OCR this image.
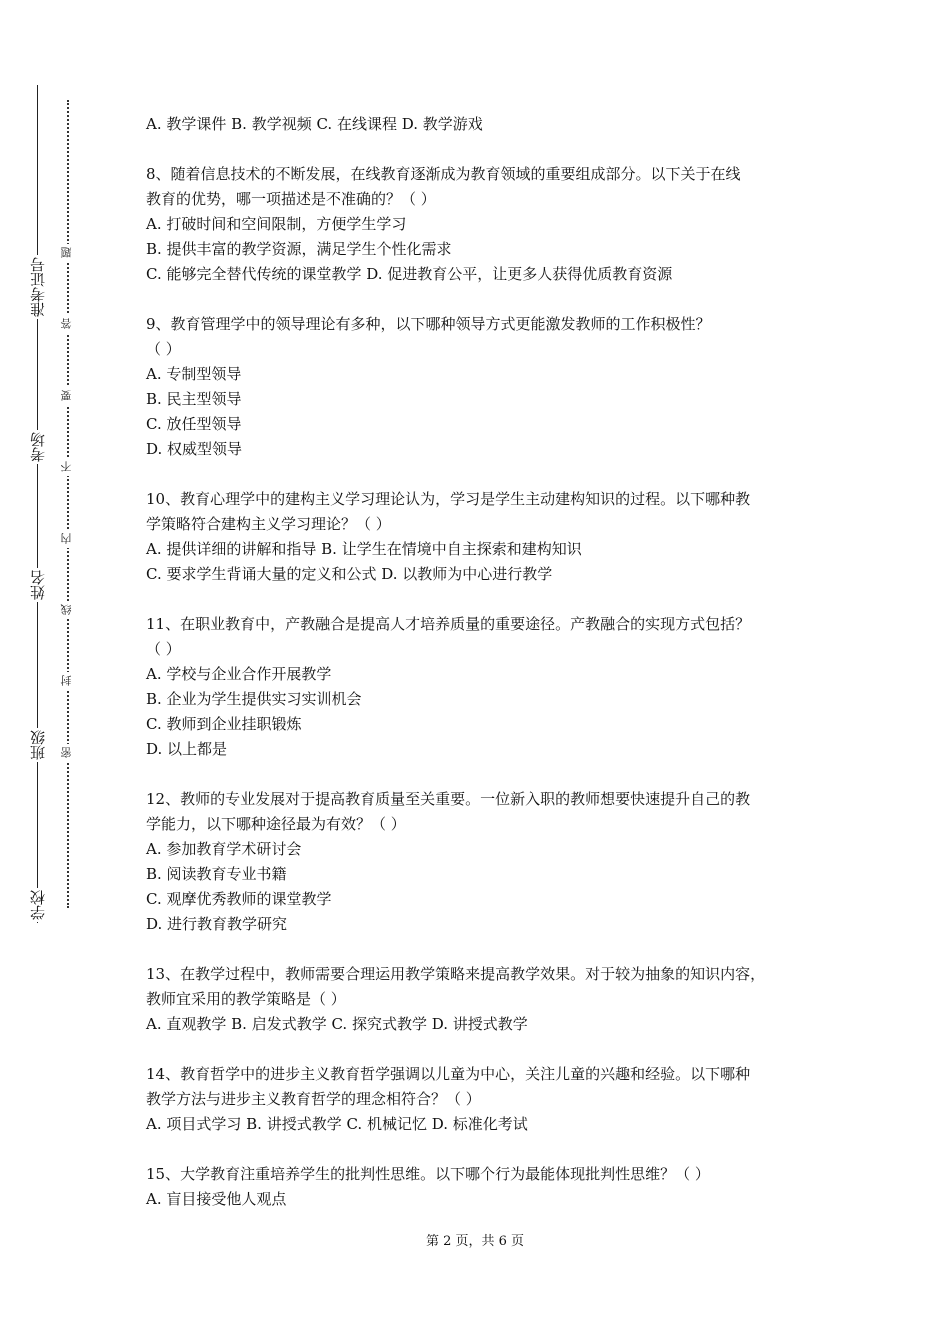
准考证号
考场
姓名
班级
学校
题
答
要
不
内
线
封
密
A. 教学课件 B. 教学视频 C. 在线课程 D. 教学游戏
8、随着信息技术的不断发展，在线教育逐渐成为教育领域的重要组成部分。以下关于在线
教育的优势，哪一项描述是不准确的？（ ）
A. 打破时间和空间限制，方便学生学习
B. 提供丰富的教学资源，满足学生个性化需求
C. 能够完全替代传统的课堂教学 D. 促进教育公平，让更多人获得优质教育资源
9、教育管理学中的领导理论有多种，以下哪种领导方式更能激发教师的工作积极性？
（ ）
A. 专制型领导
B. 民主型领导
C. 放任型领导
D. 权威型领导
10、教育心理学中的建构主义学习理论认为，学习是学生主动建构知识的过程。以下哪种教
学策略符合建构主义学习理论？（ ）
A. 提供详细的讲解和指导 B. 让学生在情境中自主探索和建构知识
C. 要求学生背诵大量的定义和公式 D. 以教师为中心进行教学
11、在职业教育中，产教融合是提高人才培养质量的重要途径。产教融合的实现方式包括？
（ ）
A. 学校与企业合作开展教学
B. 企业为学生提供实习实训机会
C. 教师到企业挂职锻炼
D. 以上都是
12、教师的专业发展对于提高教育质量至关重要。一位新入职的教师想要快速提升自己的教
学能力，以下哪种途径最为有效？（ ）
A. 参加教育学术研讨会
B. 阅读教育专业书籍
C. 观摩优秀教师的课堂教学
D. 进行教育教学研究
13、在教学过程中，教师需要合理运用教学策略来提高教学效果。对于较为抽象的知识内容，
教师宜采用的教学策略是（ ）
A. 直观教学 B. 启发式教学 C. 探究式教学 D. 讲授式教学
14、教育哲学中的进步主义教育哲学强调以儿童为中心，关注儿童的兴趣和经验。以下哪种
教学方法与进步主义教育哲学的理念相符合？（ ）
A. 项目式学习 B. 讲授式教学 C. 机械记忆 D. 标准化考试
15、大学教育注重培养学生的批判性思维。以下哪个行为最能体现批判性思维？（ ）
A. 盲目接受他人观点
第 2 页，共 6 页
